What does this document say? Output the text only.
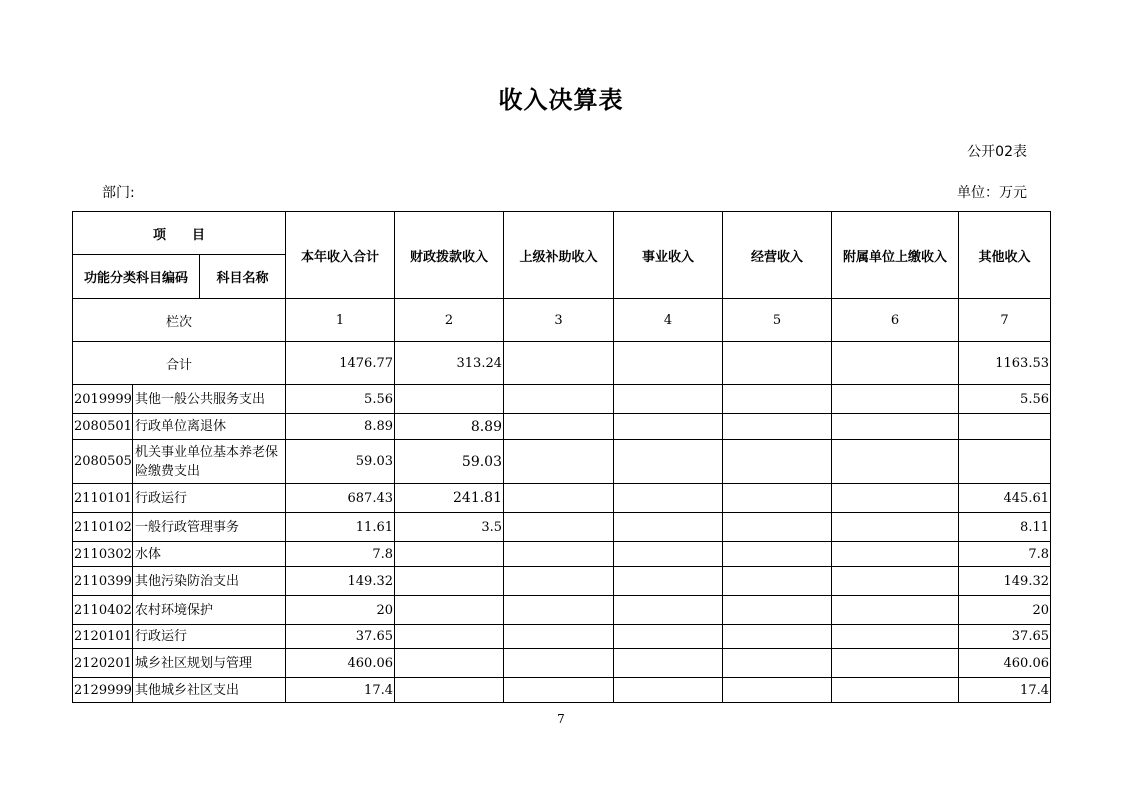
收入决算表
公开02表
部门:	单位：万元
项　　目			本年收入合计	财政拨款收入	上级补助收入	事业收入	经营收入	附属单位上缴收入	其他收入
功能分类科目编码		科目名称							
栏次			1	2	3	4	5	6	7
合计			1476.77	313.24					1163.53
2019999	其他一般公共服务支出		5.56						5.56
2080501	行政单位离退休		8.89	8.89					
2080505	机关事业单位基本养老保险缴费支出		59.03	59.03					
2110101	行政运行		687.43	241.81					445.61
2110102	一般行政管理事务		11.61	3.5					8.11
2110302	水体		7.8						7.8
2110399	其他污染防治支出		149.32						149.32
2110402	农村环境保护		20						20
2120101	行政运行		37.65						37.65
2120201	城乡社区规划与管理		460.06						460.06
2129999	其他城乡社区支出		17.4						17.4
7
